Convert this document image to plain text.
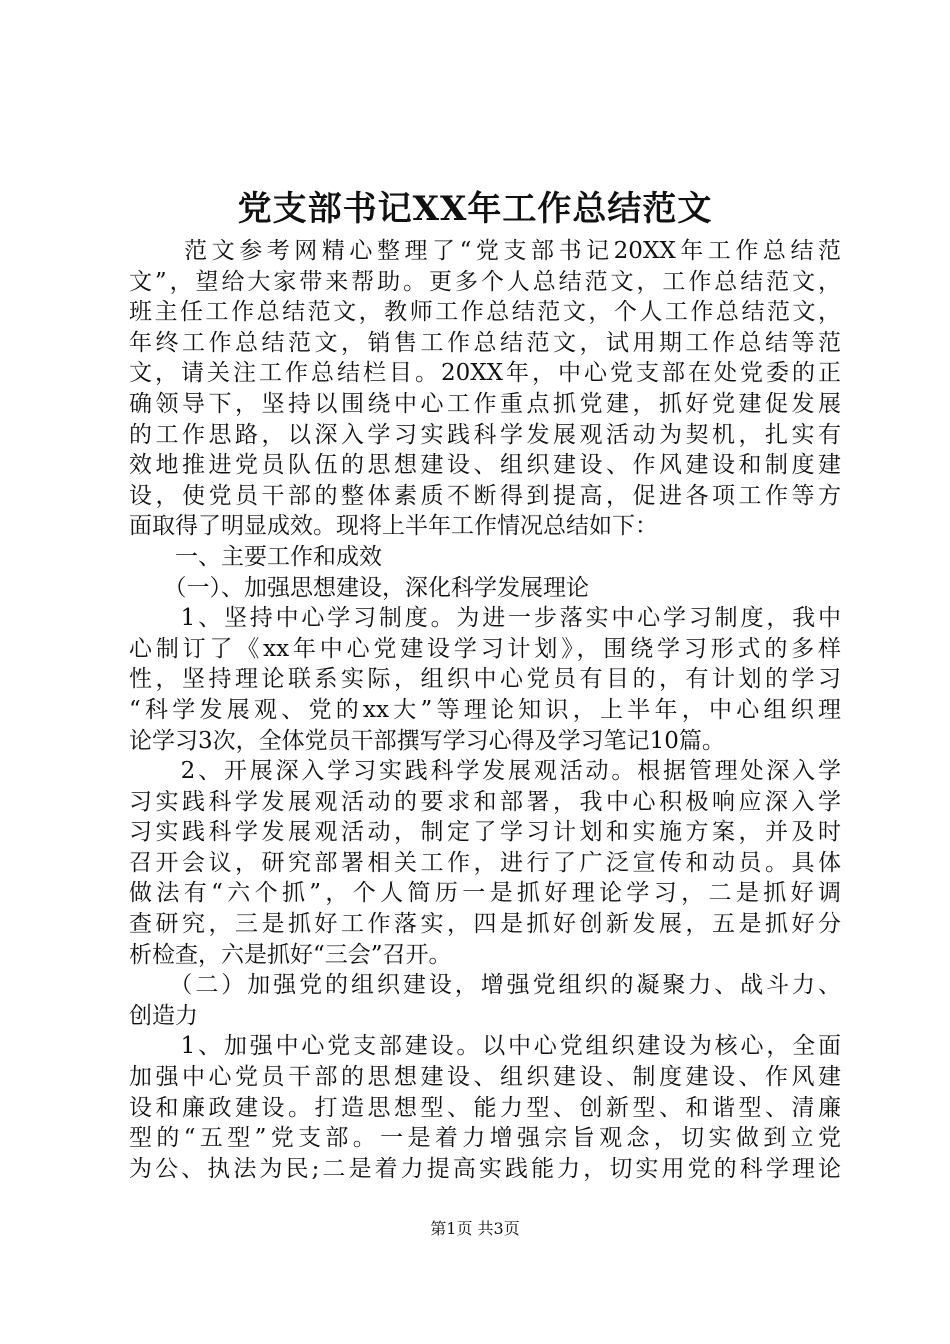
党支部书记XX年工作总结范文
　　范文参考网精心整理了“党支部书记20XX年工作总结范
文”，望给大家带来帮助。更多个人总结范文，工作总结范文，
班主任工作总结范文，教师工作总结范文，个人工作总结范文，
年终工作总结范文，销售工作总结范文，试用期工作总结等范
文，请关注工作总结栏目。20XX年，中心党支部在处党委的正
确领导下，坚持以围绕中心工作重点抓党建，抓好党建促发展
的工作思路，以深入学习实践科学发展观活动为契机，扎实有
效地推进党员队伍的思想建设、组织建设、作风建设和制度建
设，使党员干部的整体素质不断得到提高，促进各项工作等方
面取得了明显成效。现将上半年工作情况总结如下：
　　一、主要工作和成效
　　（一）、加强思想建设，深化科学发展理论
　　1、坚持中心学习制度。为进一步落实中心学习制度，我中
心制订了《xx年中心党建设学习计划》，围绕学习形式的多样
性，坚持理论联系实际，组织中心党员有目的，有计划的学习
“科学发展观、党的xx大”等理论知识，上半年，中心组织理
论学习3次，全体党员干部撰写学习心得及学习笔记10篇。
　　2、开展深入学习实践科学发展观活动。根据管理处深入学
习实践科学发展观活动的要求和部署，我中心积极响应深入学
习实践科学发展观活动，制定了学习计划和实施方案，并及时
召开会议，研究部署相关工作，进行了广泛宣传和动员。具体
做法有“六个抓”，个人简历一是抓好理论学习，二是抓好调
查研究，三是抓好工作落实，四是抓好创新发展，五是抓好分
析检查，六是抓好“三会”召开。
　　（二）加强党的组织建设，增强党组织的凝聚力、战斗力、
创造力
　　1、加强中心党支部建设。以中心党组织建设为核心，全面
加强中心党员干部的思想建设、组织建设、制度建设、作风建
设和廉政建设。打造思想型、能力型、创新型、和谐型、清廉
型的“五型”党支部。一是着力增强宗旨观念，切实做到立党
为公、执法为民;二是着力提高实践能力，切实用党的科学理论
第1页 共3页
